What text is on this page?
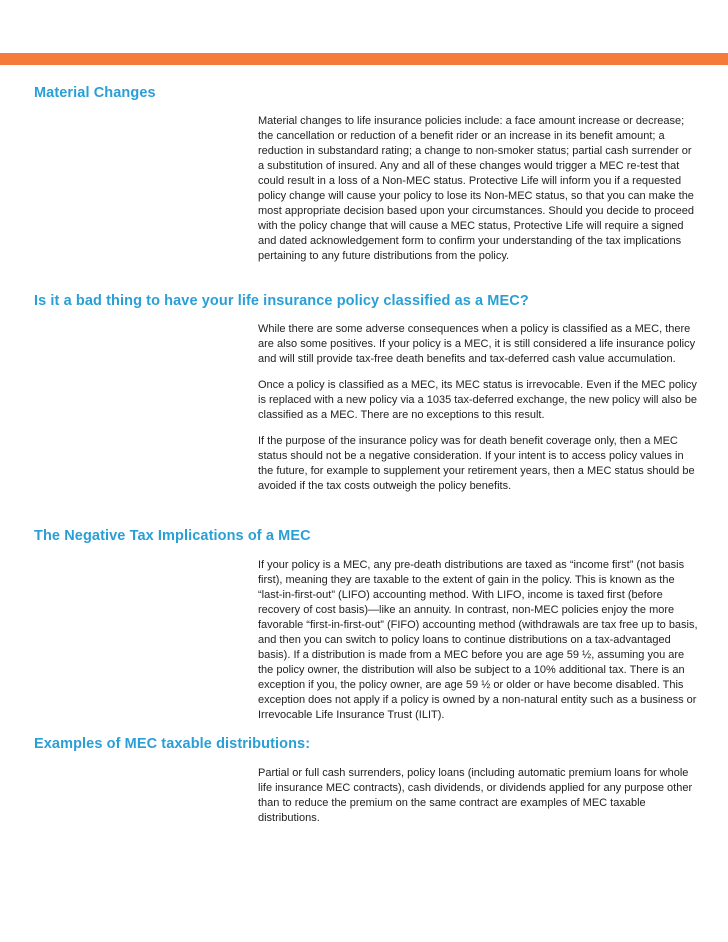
Material Changes

Material changes to life insurance policies include: a face amount increase or decrease; the cancellation or reduction of a benefit rider or an increase in its benefit amount; a reduction in substandard rating; a change to non-smoker status; partial cash surrender or a substitution of insured. Any and all of these changes would trigger a MEC re-test that could result in a loss of a Non-MEC status. Protective Life will inform you if a requested policy change will cause your policy to lose its Non-MEC status, so that you can make the most appropriate decision based upon your circumstances. Should you decide to proceed with the policy change that will cause a MEC status, Protective Life will require a signed and dated acknowledgement form to confirm your understanding of the tax implications pertaining to any future distributions from the policy.

Is it a bad thing to have your life insurance policy classified as a MEC?

While there are some adverse consequences when a policy is classified as a MEC, there are also some positives. If your policy is a MEC, it is still considered a life insurance policy and will still provide tax-free death benefits and tax-deferred cash value accumulation.

Once a policy is classified as a MEC, its MEC status is irrevocable. Even if the MEC policy is replaced with a new policy via a 1035 tax-deferred exchange, the new policy will also be classified as a MEC. There are no exceptions to this result.

If the purpose of the insurance policy was for death benefit coverage only, then a MEC status should not be a negative consideration. If your intent is to access policy values in the future, for example to supplement your retirement years, then a MEC status should be avoided if the tax costs outweigh the policy benefits.

The Negative Tax Implications of a MEC

If your policy is a MEC, any pre-death distributions are taxed as “income first” (not basis first), meaning they are taxable to the extent of gain in the policy. This is known as the “last-in-first-out” (LIFO) accounting method. With LIFO, income is taxed first (before recovery of cost basis)—like an annuity. In contrast, non-MEC policies enjoy the more favorable “first-in-first-out” (FIFO) accounting method (withdrawals are tax free up to basis, and then you can switch to policy loans to continue distributions on a tax-advantaged basis). If a distribution is made from a MEC before you are age 59 ½, assuming you are the policy owner, the distribution will also be subject to a 10% additional tax. There is an exception if you, the policy owner, are age 59 ½ or older or have become disabled. This exception does not apply if a policy is owned by a non-natural entity such as a business or Irrevocable Life Insurance Trust (ILIT).

Examples of MEC taxable distributions:

Partial or full cash surrenders, policy loans (including automatic premium loans for whole life insurance MEC contracts), cash dividends, or dividends applied for any purpose other than to reduce the premium on the same contract are examples of MEC taxable distributions.
